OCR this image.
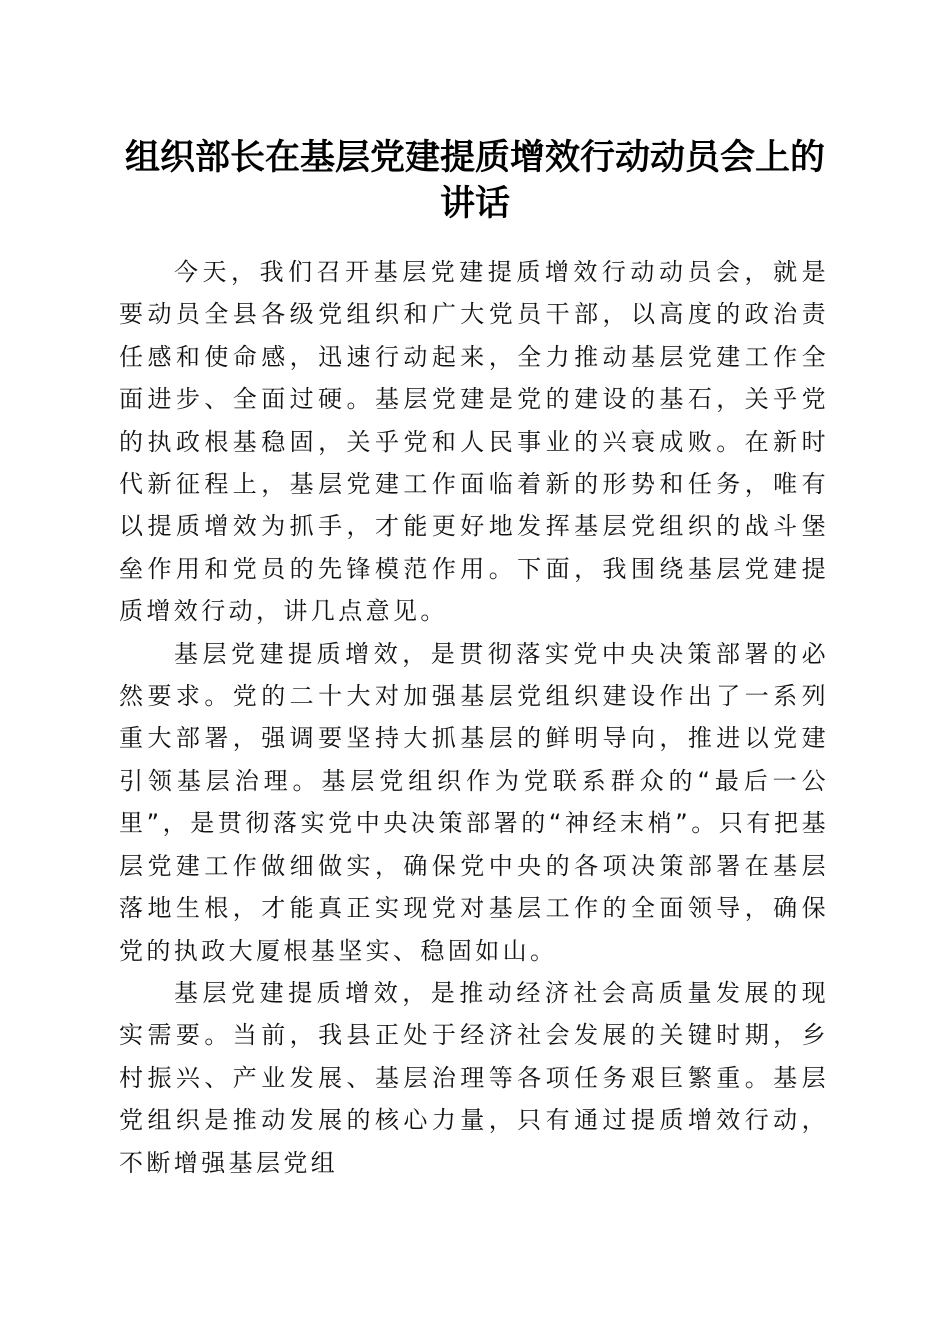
组织部长在基层党建提质增效行动动员会上的讲话

今天，我们召开基层党建提质增效行动动员会，就是要动员全县各级党组织和广大党员干部，以高度的政治责任感和使命感，迅速行动起来，全力推动基层党建工作全面进步、全面过硬。基层党建是党的建设的基石，关乎党的执政根基稳固，关乎党和人民事业的兴衰成败。在新时代新征程上，基层党建工作面临着新的形势和任务，唯有以提质增效为抓手，才能更好地发挥基层党组织的战斗堡垒作用和党员的先锋模范作用。下面，我围绕基层党建提质增效行动，讲几点意见。

基层党建提质增效，是贯彻落实党中央决策部署的必然要求。党的二十大对加强基层党组织建设作出了一系列重大部署，强调要坚持大抓基层的鲜明导向，推进以党建引领基层治理。基层党组织作为党联系群众的“最后一公里”，是贯彻落实党中央决策部署的“神经末梢”。只有把基层党建工作做细做实，确保党中央的各项决策部署在基层落地生根，才能真正实现党对基层工作的全面领导，确保党的执政大厦根基坚实、稳固如山。

基层党建提质增效，是推动经济社会高质量发展的现实需要。当前，我县正处于经济社会发展的关键时期，乡村振兴、产业发展、基层治理等各项任务艰巨繁重。基层党组织是推动发展的核心力量，只有通过提质增效行动，不断增强基层党组
